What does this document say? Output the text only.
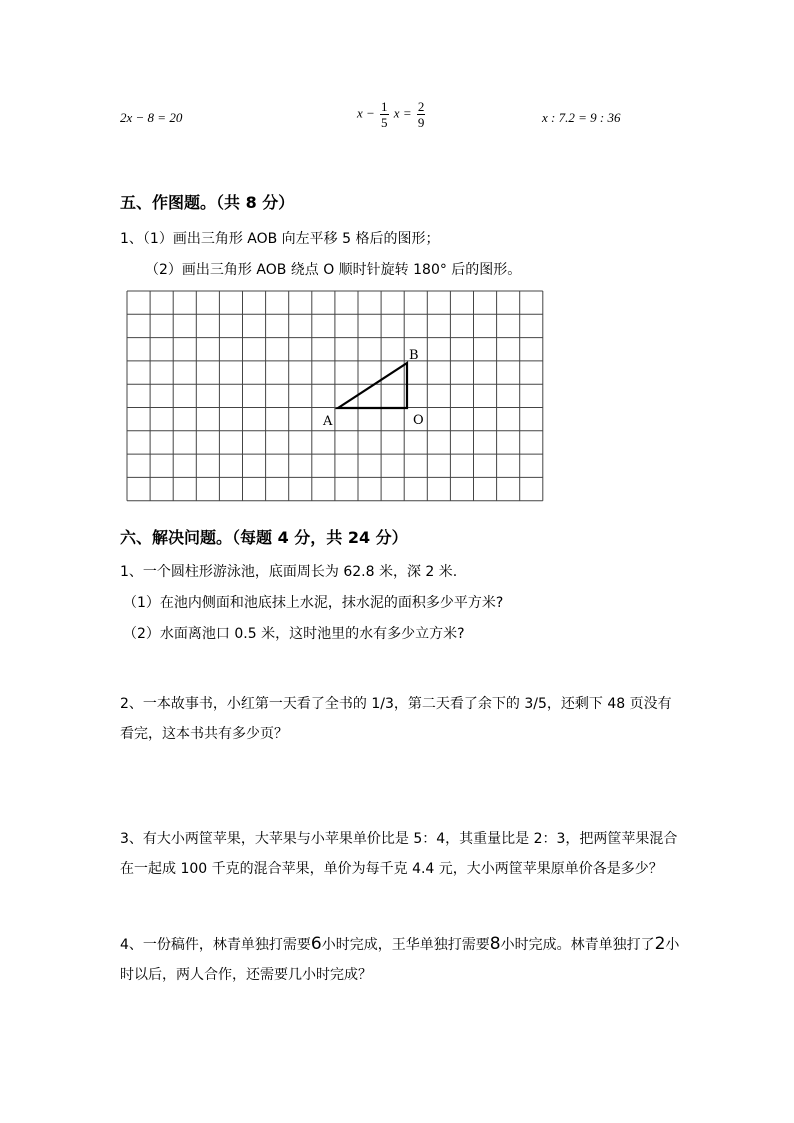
2x − 8 = 20	$x - \frac{1}{5}$ $x = \frac{2}{9}$	x : 7.2 = 9 : 36
五、作图题。（共 8 分）
1、（1）画出三角形 AOB 向左平移 5 格后的图形；
（2）画出三角形 AOB 绕点 O 顺时针旋转 180° 后的图形。
A
B
O
六、解决问题。（每题 4 分，共 24 分）
1、一个圆柱形游泳池，底面周长为 62.8 米，深 2 米.
（1）在池内侧面和池底抹上水泥，抹水泥的面积多少平方米?
（2）水面离池口 0.5 米，这时池里的水有多少立方米?
2、一本故事书，小红第一天看了全书的 1/3，第二天看了余下的 3/5，还剩下 48 页没有看完，这本书共有多少页？
3、有大小两筐苹果，大苹果与小苹果单价比是 5：4，其重量比是 2：3，把两筐苹果混合在一起成 100 千克的混合苹果，单价为每千克 4.4 元，大小两筐苹果原单价各是多少？
4、一份稿件，林青单独打需要6小时完成，王华单独打需要8小时完成。林青单独打了2小时以后，两人合作，还需要几小时完成？
